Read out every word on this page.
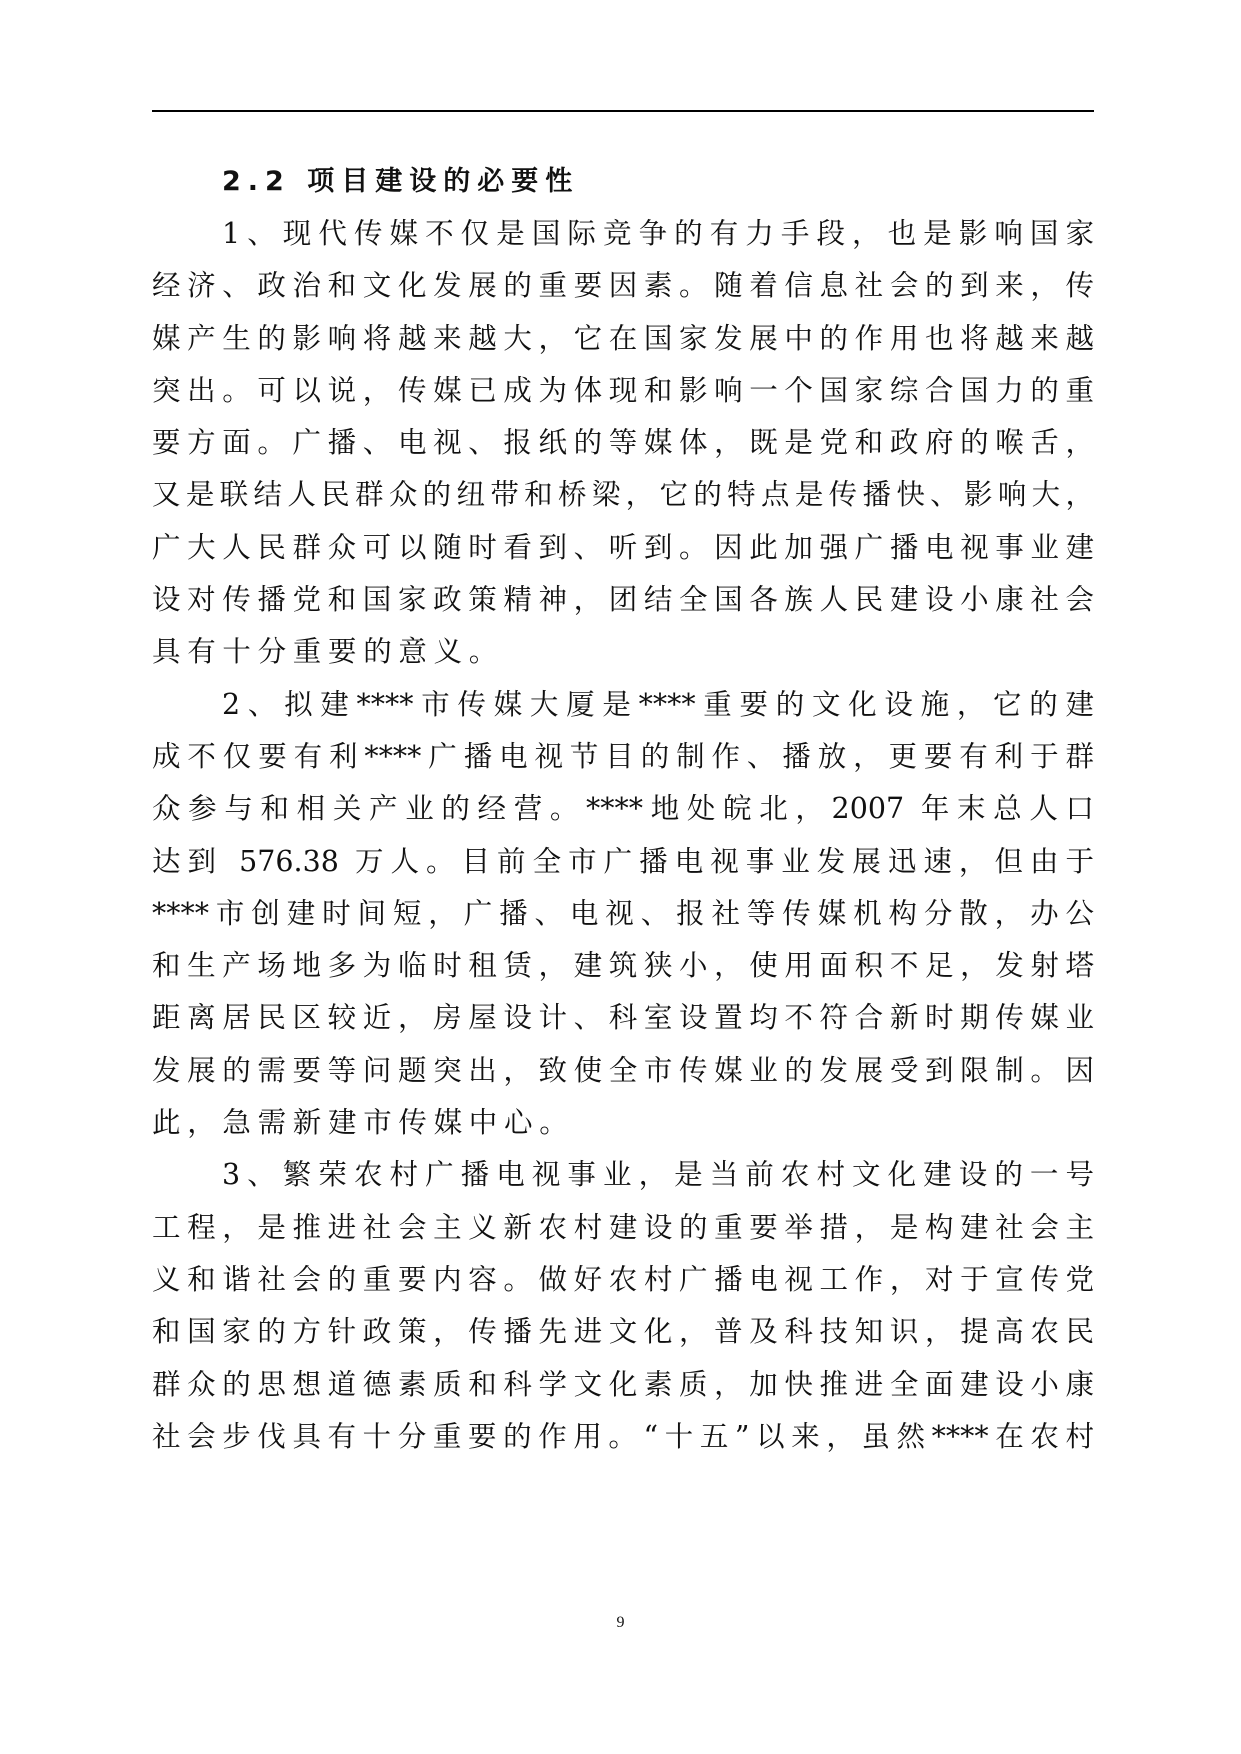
2.2 项目建设的必要性
1、现代传媒不仅是国际竞争的有力手段，也是影响国家
经济、政治和文化发展的重要因素。随着信息社会的到来，传
媒产生的影响将越来越大，它在国家发展中的作用也将越来越
突出。可以说，传媒已成为体现和影响一个国家综合国力的重
要方面。广播、电视、报纸的等媒体，既是党和政府的喉舌，
又是联结人民群众的纽带和桥梁，它的特点是传播快、影响大，
广大人民群众可以随时看到、听到。因此加强广播电视事业建
设对传播党和国家政策精神，团结全国各族人民建设小康社会
具有十分重要的意义。
2、拟建****市传媒大厦是****重要的文化设施，它的建
成不仅要有利****广播电视节目的制作、播放，更要有利于群
众参与和相关产业的经营。****地处皖北，2007 年末总人口
达到 576.38 万人。目前全市广播电视事业发展迅速，但由于
****市创建时间短，广播、电视、报社等传媒机构分散，办公
和生产场地多为临时租赁，建筑狭小，使用面积不足，发射塔
距离居民区较近，房屋设计、科室设置均不符合新时期传媒业
发展的需要等问题突出，致使全市传媒业的发展受到限制。因
此，急需新建市传媒中心。
3、繁荣农村广播电视事业，是当前农村文化建设的一号
工程，是推进社会主义新农村建设的重要举措，是构建社会主
义和谐社会的重要内容。做好农村广播电视工作，对于宣传党
和国家的方针政策，传播先进文化，普及科技知识，提高农民
群众的思想道德素质和科学文化素质，加快推进全面建设小康
社会步伐具有十分重要的作用。“十五”以来，虽然****在农村
9
